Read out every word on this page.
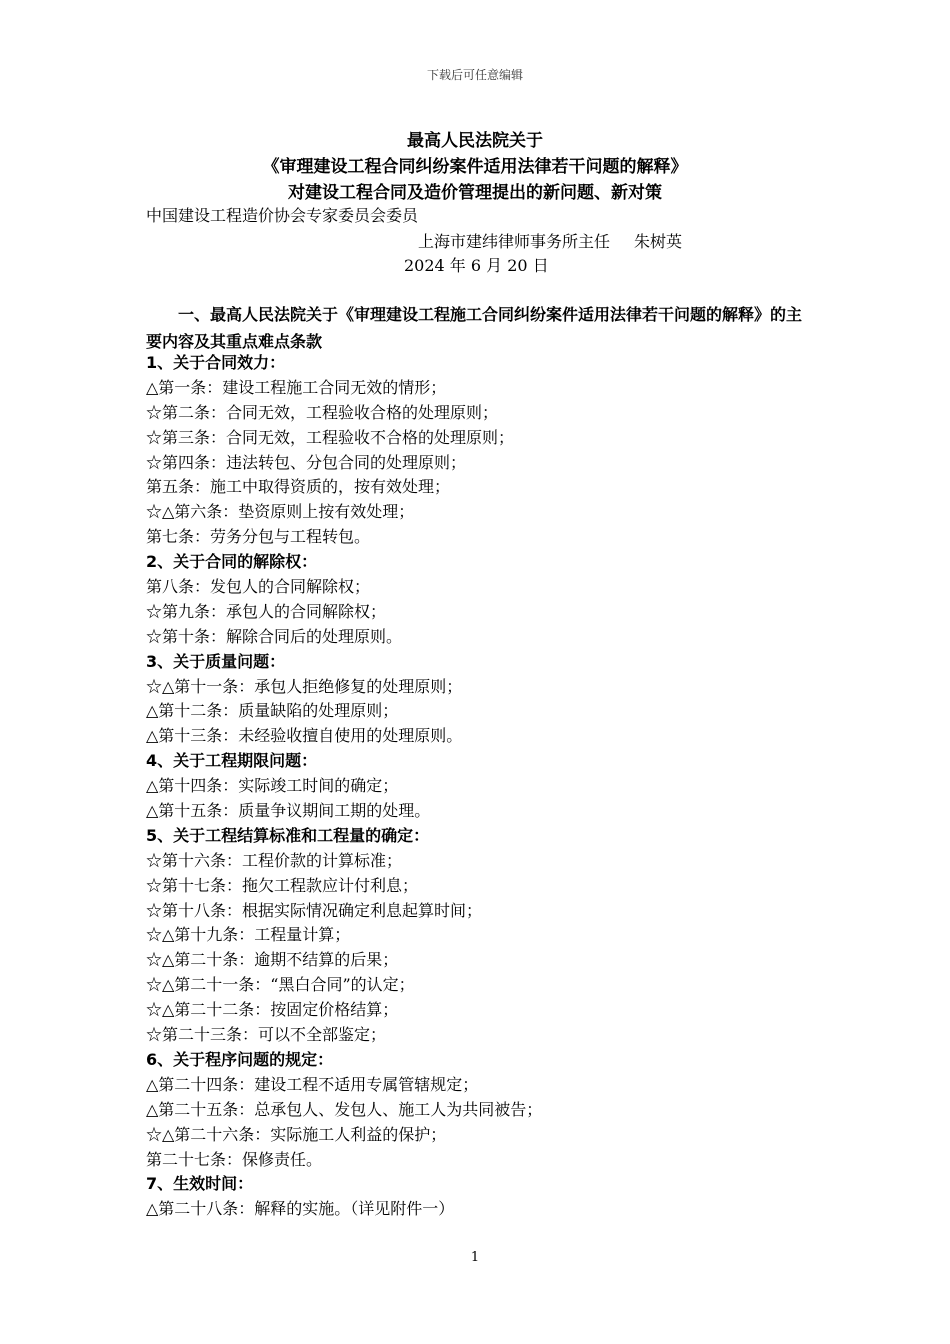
下载后可任意编辑
最高人民法院关于
《审理建设工程合同纠纷案件适用法律若干问题的解释》
对建设工程合同及造价管理提出的新问题、新对策
中国建设工程造价协会专家委员会委员
上海市建纬律师事务所主任 朱树英
2024 年 6 月 20 日
一、最高人民法院关于《审理建设工程施工合同纠纷案件适用法律若干问题的解释》的主要内容及其重点难点条款
1、关于合同效力：
△第一条：建设工程施工合同无效的情形；
☆第二条：合同无效，工程验收合格的处理原则；
☆第三条：合同无效，工程验收不合格的处理原则；
☆第四条：违法转包、分包合同的处理原则；
第五条：施工中取得资质的，按有效处理；
☆△第六条：垫资原则上按有效处理；
第七条：劳务分包与工程转包。
2、关于合同的解除权：
第八条：发包人的合同解除权；
☆第九条：承包人的合同解除权；
☆第十条：解除合同后的处理原则。
3、关于质量问题：
☆△第十一条：承包人拒绝修复的处理原则；
△第十二条：质量缺陷的处理原则；
△第十三条：未经验收擅自使用的处理原则。
4、关于工程期限问题：
△第十四条：实际竣工时间的确定；
△第十五条：质量争议期间工期的处理。
5、关于工程结算标准和工程量的确定：
☆第十六条：工程价款的计算标准；
☆第十七条：拖欠工程款应计付利息；
☆第十八条：根据实际情况确定利息起算时间；
☆△第十九条：工程量计算；
☆△第二十条：逾期不结算的后果；
☆△第二十一条：“黑白合同”的认定；
☆△第二十二条：按固定价格结算；
☆第二十三条：可以不全部鉴定；
6、关于程序问题的规定：
△第二十四条：建设工程不适用专属管辖规定；
△第二十五条：总承包人、发包人、施工人为共同被告；
☆△第二十六条：实际施工人利益的保护；
第二十七条：保修责任。
7、生效时间：
△第二十八条：解释的实施。（详见附件一）
1
